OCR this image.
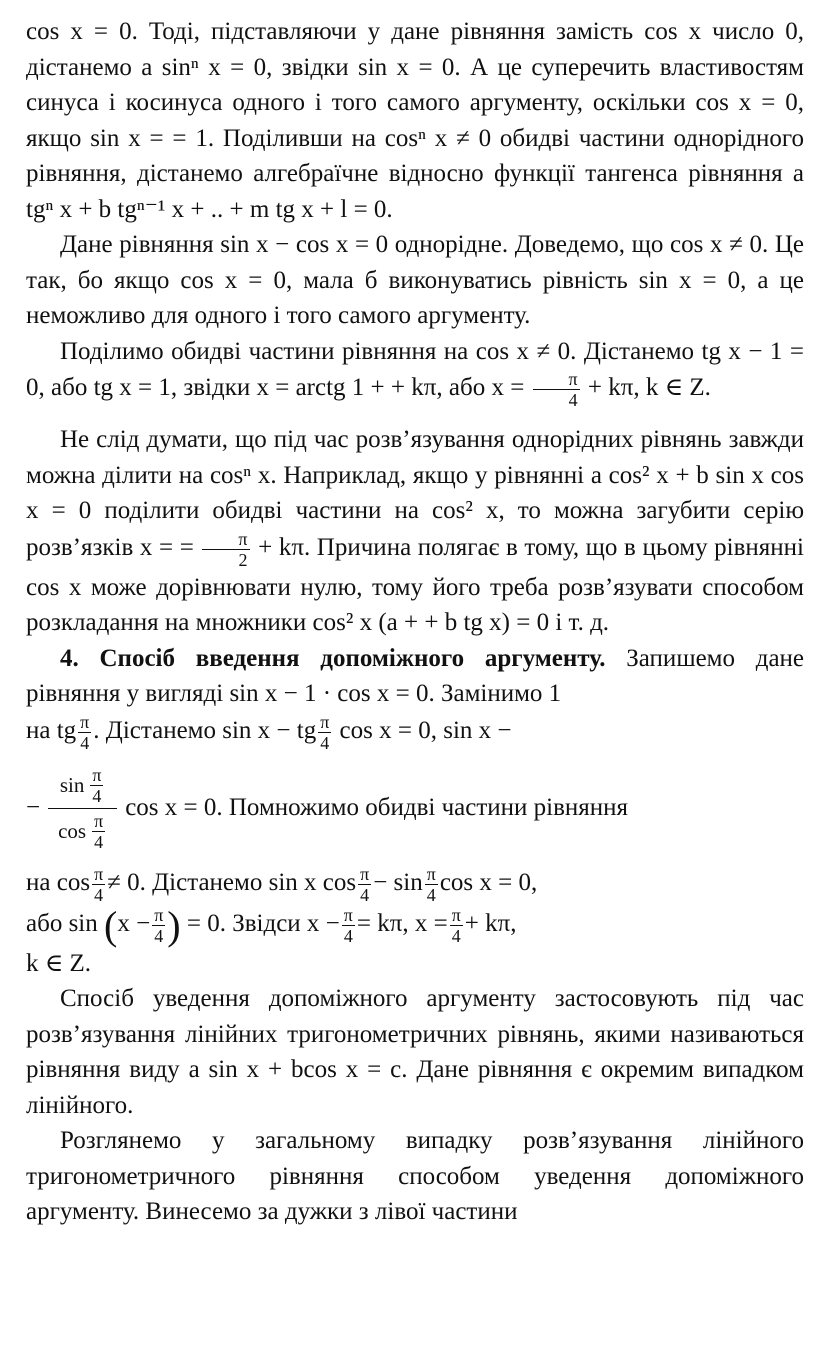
cos x = 0. Тоді, підставляючи у дане рівняння замість cos x число 0, дістанемо a sinⁿ x = 0, звідки sin x = 0. А це суперечить властивостям синуса і косинуса одного і того самого аргументу, оскільки cos x = 0, якщо sin x = = 1. Поділивши на cosⁿ x ≠ 0 обидві частини однорідного рівняння, дістанемо алгебраїчне відносно функції тангенса рівняння a tgⁿ x + b tgⁿ⁻¹ x + .. + m tg x + l = 0.

Дане рівняння sin x − cos x = 0 однорідне. Доведемо, що cos x ≠ 0. Це так, бо якщо cos x = 0, мала б виконуватись рівність sin x = 0, а це неможливо для одного і того самого аргументу.

Поділимо обидві частини рівняння на cos x ≠ 0. Дістанемо tg x − 1 = 0, або tg x = 1, звідки x = arctg 1 + + kπ, або $x = \frac{\pi}{4} + k\pi$, k ∈ Z.

Не слід думати, що під час розв’язування однорідних рівнянь завжди можна ділити на cosⁿ x. Наприклад, якщо у рівнянні a cos² x + b sin x cos x = 0 поділити обидві частини на cos² x, то можна загубити серію розв’язків x = = $\frac{\pi}{2} + k\pi$. Причина полягає в тому, що в цьому рівнянні cos x може дорівнювати нулю, тому його треба розв’язувати способом розкладання на множники cos² x (a + + b tg x) = 0 і т. д.

4. Спосіб введення допоміжного аргументу. Запишемо дане рівняння у вигляді sin x − 1 · cos x = 0. Замінимо 1

на tg $\frac{\pi}{4}$ . Дістанемо sin x − tg $\frac{\pi}{4}$ cos x = 0, sin x −

−
$\sin \frac{\pi}{4}$
$\cos \frac{\pi}{4}$
cos x = 0. Помножимо обидві частини рівняння

на $\cos \frac{\pi}{4} \ne 0$. Дістанемо sin x $\cos \frac{\pi}{4} - \sin \frac{\pi}{4}$ cos x = 0,

або $\sin (x - \frac{\pi}{4}$ ) = 0. Звідси $x - \frac{\pi}{4} = k\pi$, $x = \frac{\pi}{4} + k\pi$,
k ∈ Z.

Спосіб уведення допоміжного аргументу застосовують під час розв’язування лінійних тригонометричних рівнянь, якими називаються рівняння виду a sin x + bcos x = c. Дане рівняння є окремим випадком лінійного.

Розглянемо у загальному випадку розв’язування лінійного тригонометричного рівняння способом уведення допоміжного аргументу. Винесемо за дужки з лівої частини
